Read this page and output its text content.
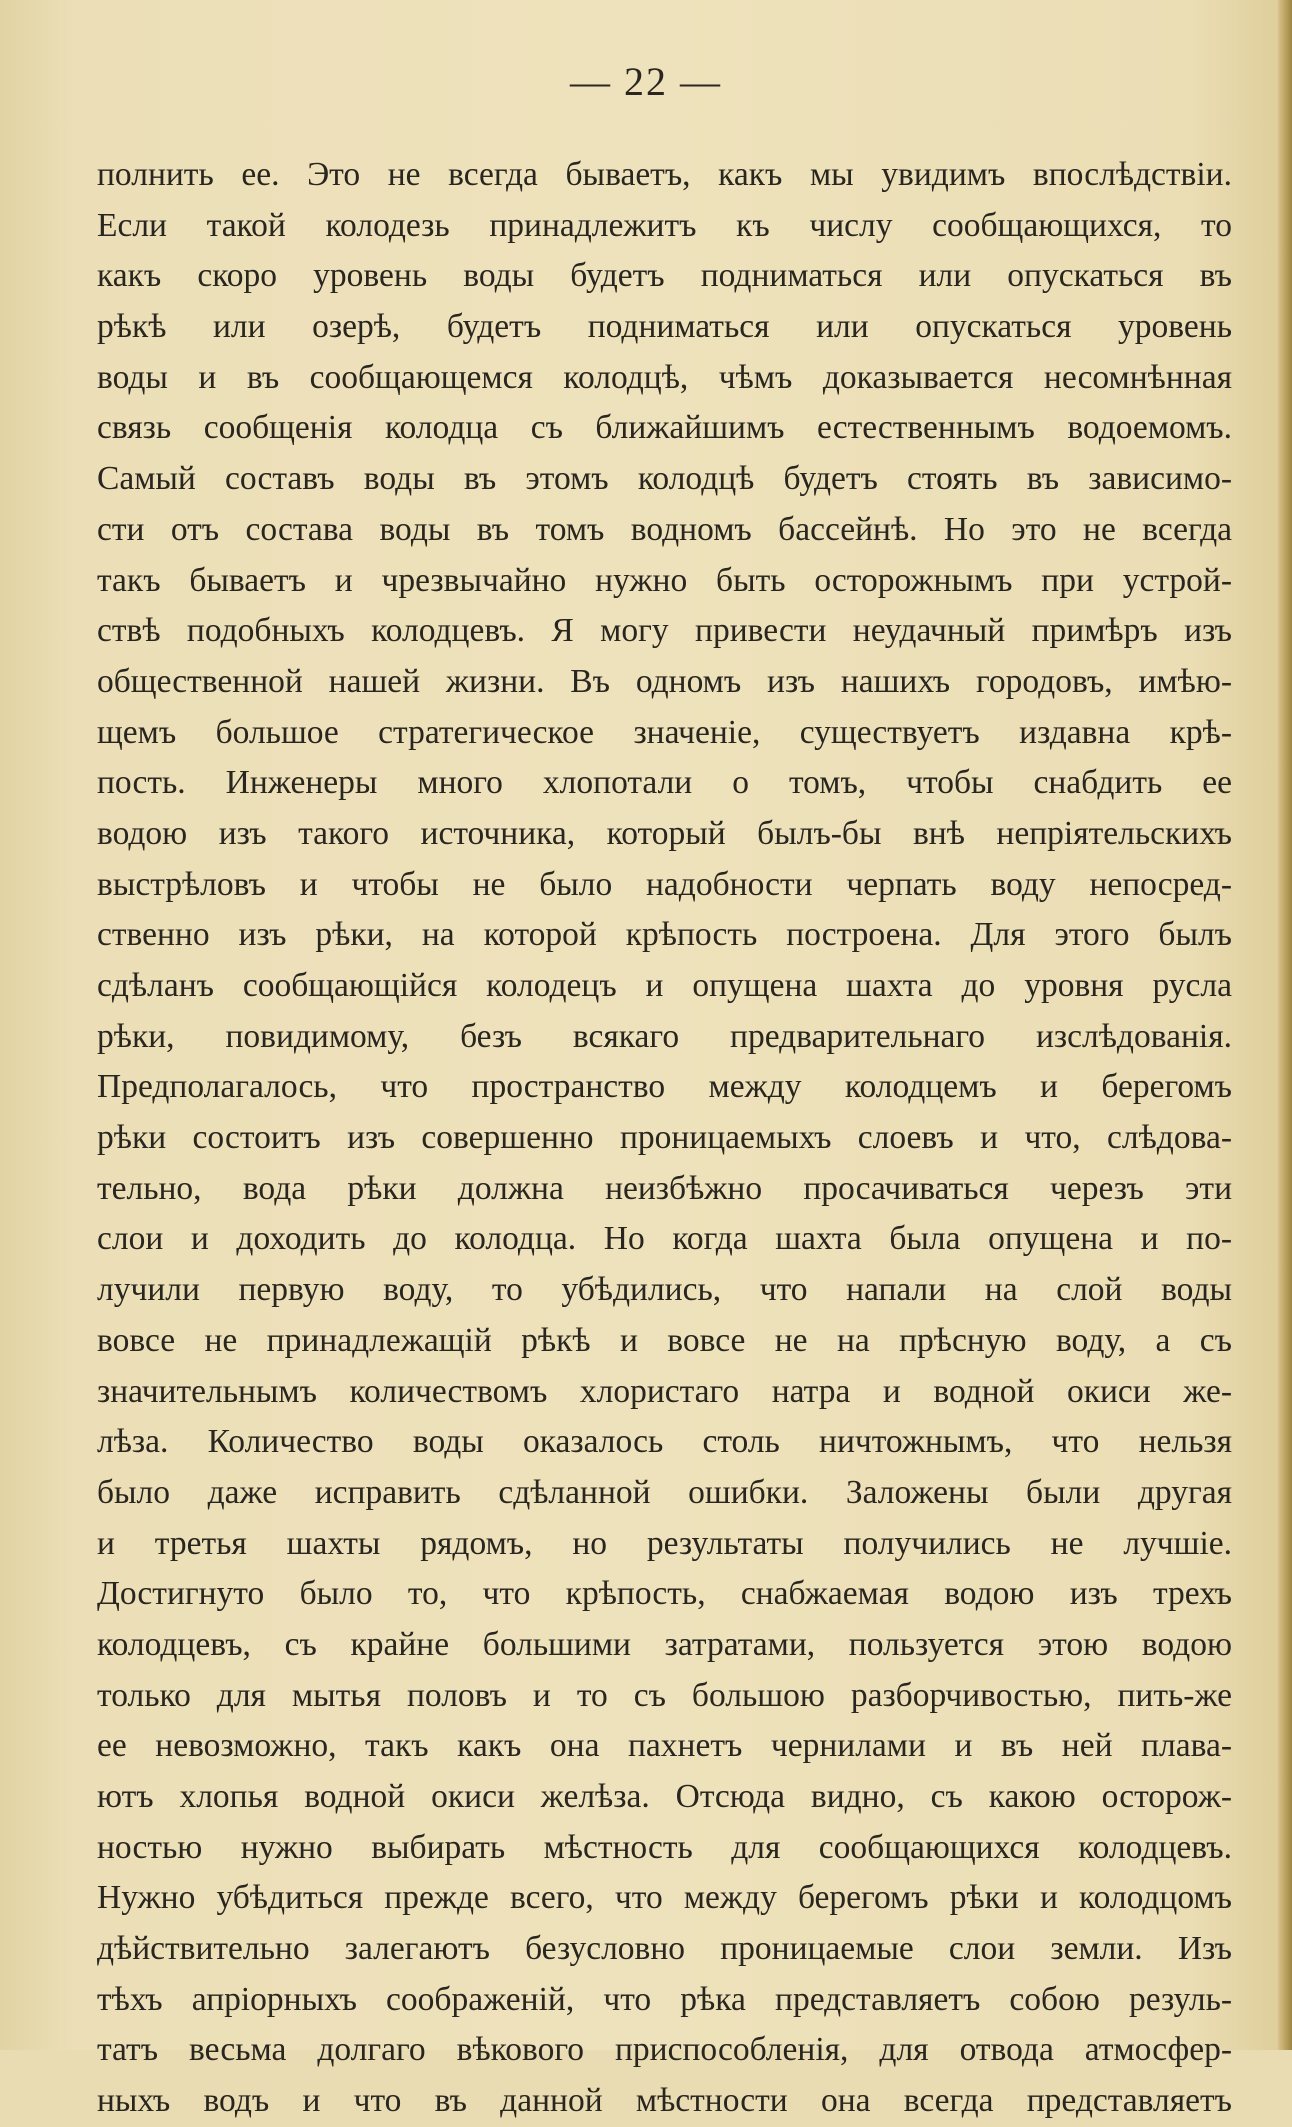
— 22 —
полнить ее. Это не всегда бываетъ, какъ мы увидимъ впослѣдствіи.
Если такой колодезь принадлежитъ къ числу сообщающихся, то
какъ скоро уровень воды будетъ подниматься или опускаться въ
рѣкѣ или озерѣ, будетъ подниматься или опускаться уровень
воды и въ сообщающемся колодцѣ, чѣмъ доказывается несомнѣнная
связь сообщенія колодца съ ближайшимъ естественнымъ водоемомъ.
Самый составъ воды въ этомъ колодцѣ будетъ стоять въ зависимо-
сти отъ состава воды въ томъ водномъ бассейнѣ. Но это не всегда
такъ бываетъ и чрезвычайно нужно быть осторожнымъ при устрой-
ствѣ подобныхъ колодцевъ. Я могу привести неудачный примѣръ изъ
общественной нашей жизни. Въ одномъ изъ нашихъ городовъ, имѣю-
щемъ большое стратегическое значеніе, существуетъ издавна крѣ-
пость. Инженеры много хлопотали о томъ, чтобы снабдить ее
водою изъ такого источника, который былъ-бы внѣ непріятельскихъ
выстрѣловъ и чтобы не было надобности черпать воду непосред-
ственно изъ рѣки, на которой крѣпость построена. Для этого былъ
сдѣланъ сообщающійся колодецъ и опущена шахта до уровня русла
рѣки, повидимому, безъ всякаго предварительнаго изслѣдованія.
Предполагалось, что пространство между колодцемъ и берегомъ
рѣки состоитъ изъ совершенно проницаемыхъ слоевъ и что, слѣдова-
тельно, вода рѣки должна неизбѣжно просачиваться черезъ эти
слои и доходить до колодца. Но когда шахта была опущена и по-
лучили первую воду, то убѣдились, что напали на слой воды
вовсе не принадлежащій рѣкѣ и вовсе не на прѣсную воду, а съ
значительнымъ количествомъ хлористаго натра и водной окиси же-
лѣза. Количество воды оказалось столь ничтожнымъ, что нельзя
было даже исправить сдѣланной ошибки. Заложены были другая
и третья шахты рядомъ, но результаты получились не лучшіе.
Достигнуто было то, что крѣпость, снабжаемая водою изъ трехъ
колодцевъ, съ крайне большими затратами, пользуется этою водою
только для мытья половъ и то съ большою разборчивостью, пить-же
ее невозможно, такъ какъ она пахнетъ чернилами и въ ней плава-
ютъ хлопья водной окиси желѣза. Отсюда видно, съ какою осторож-
ностью нужно выбирать мѣстность для сообщающихся колодцевъ.
Нужно убѣдиться прежде всего, что между берегомъ рѣки и колодцомъ
дѣйствительно залегаютъ безусловно проницаемые слои земли. Изъ
тѣхъ апріорныхъ соображеній, что рѣка представляетъ собою резуль-
татъ весьма долгаго вѣкового приспособленія, для отвода атмосфер-
ныхъ водъ и что въ данной мѣстности она всегда представляетъ
